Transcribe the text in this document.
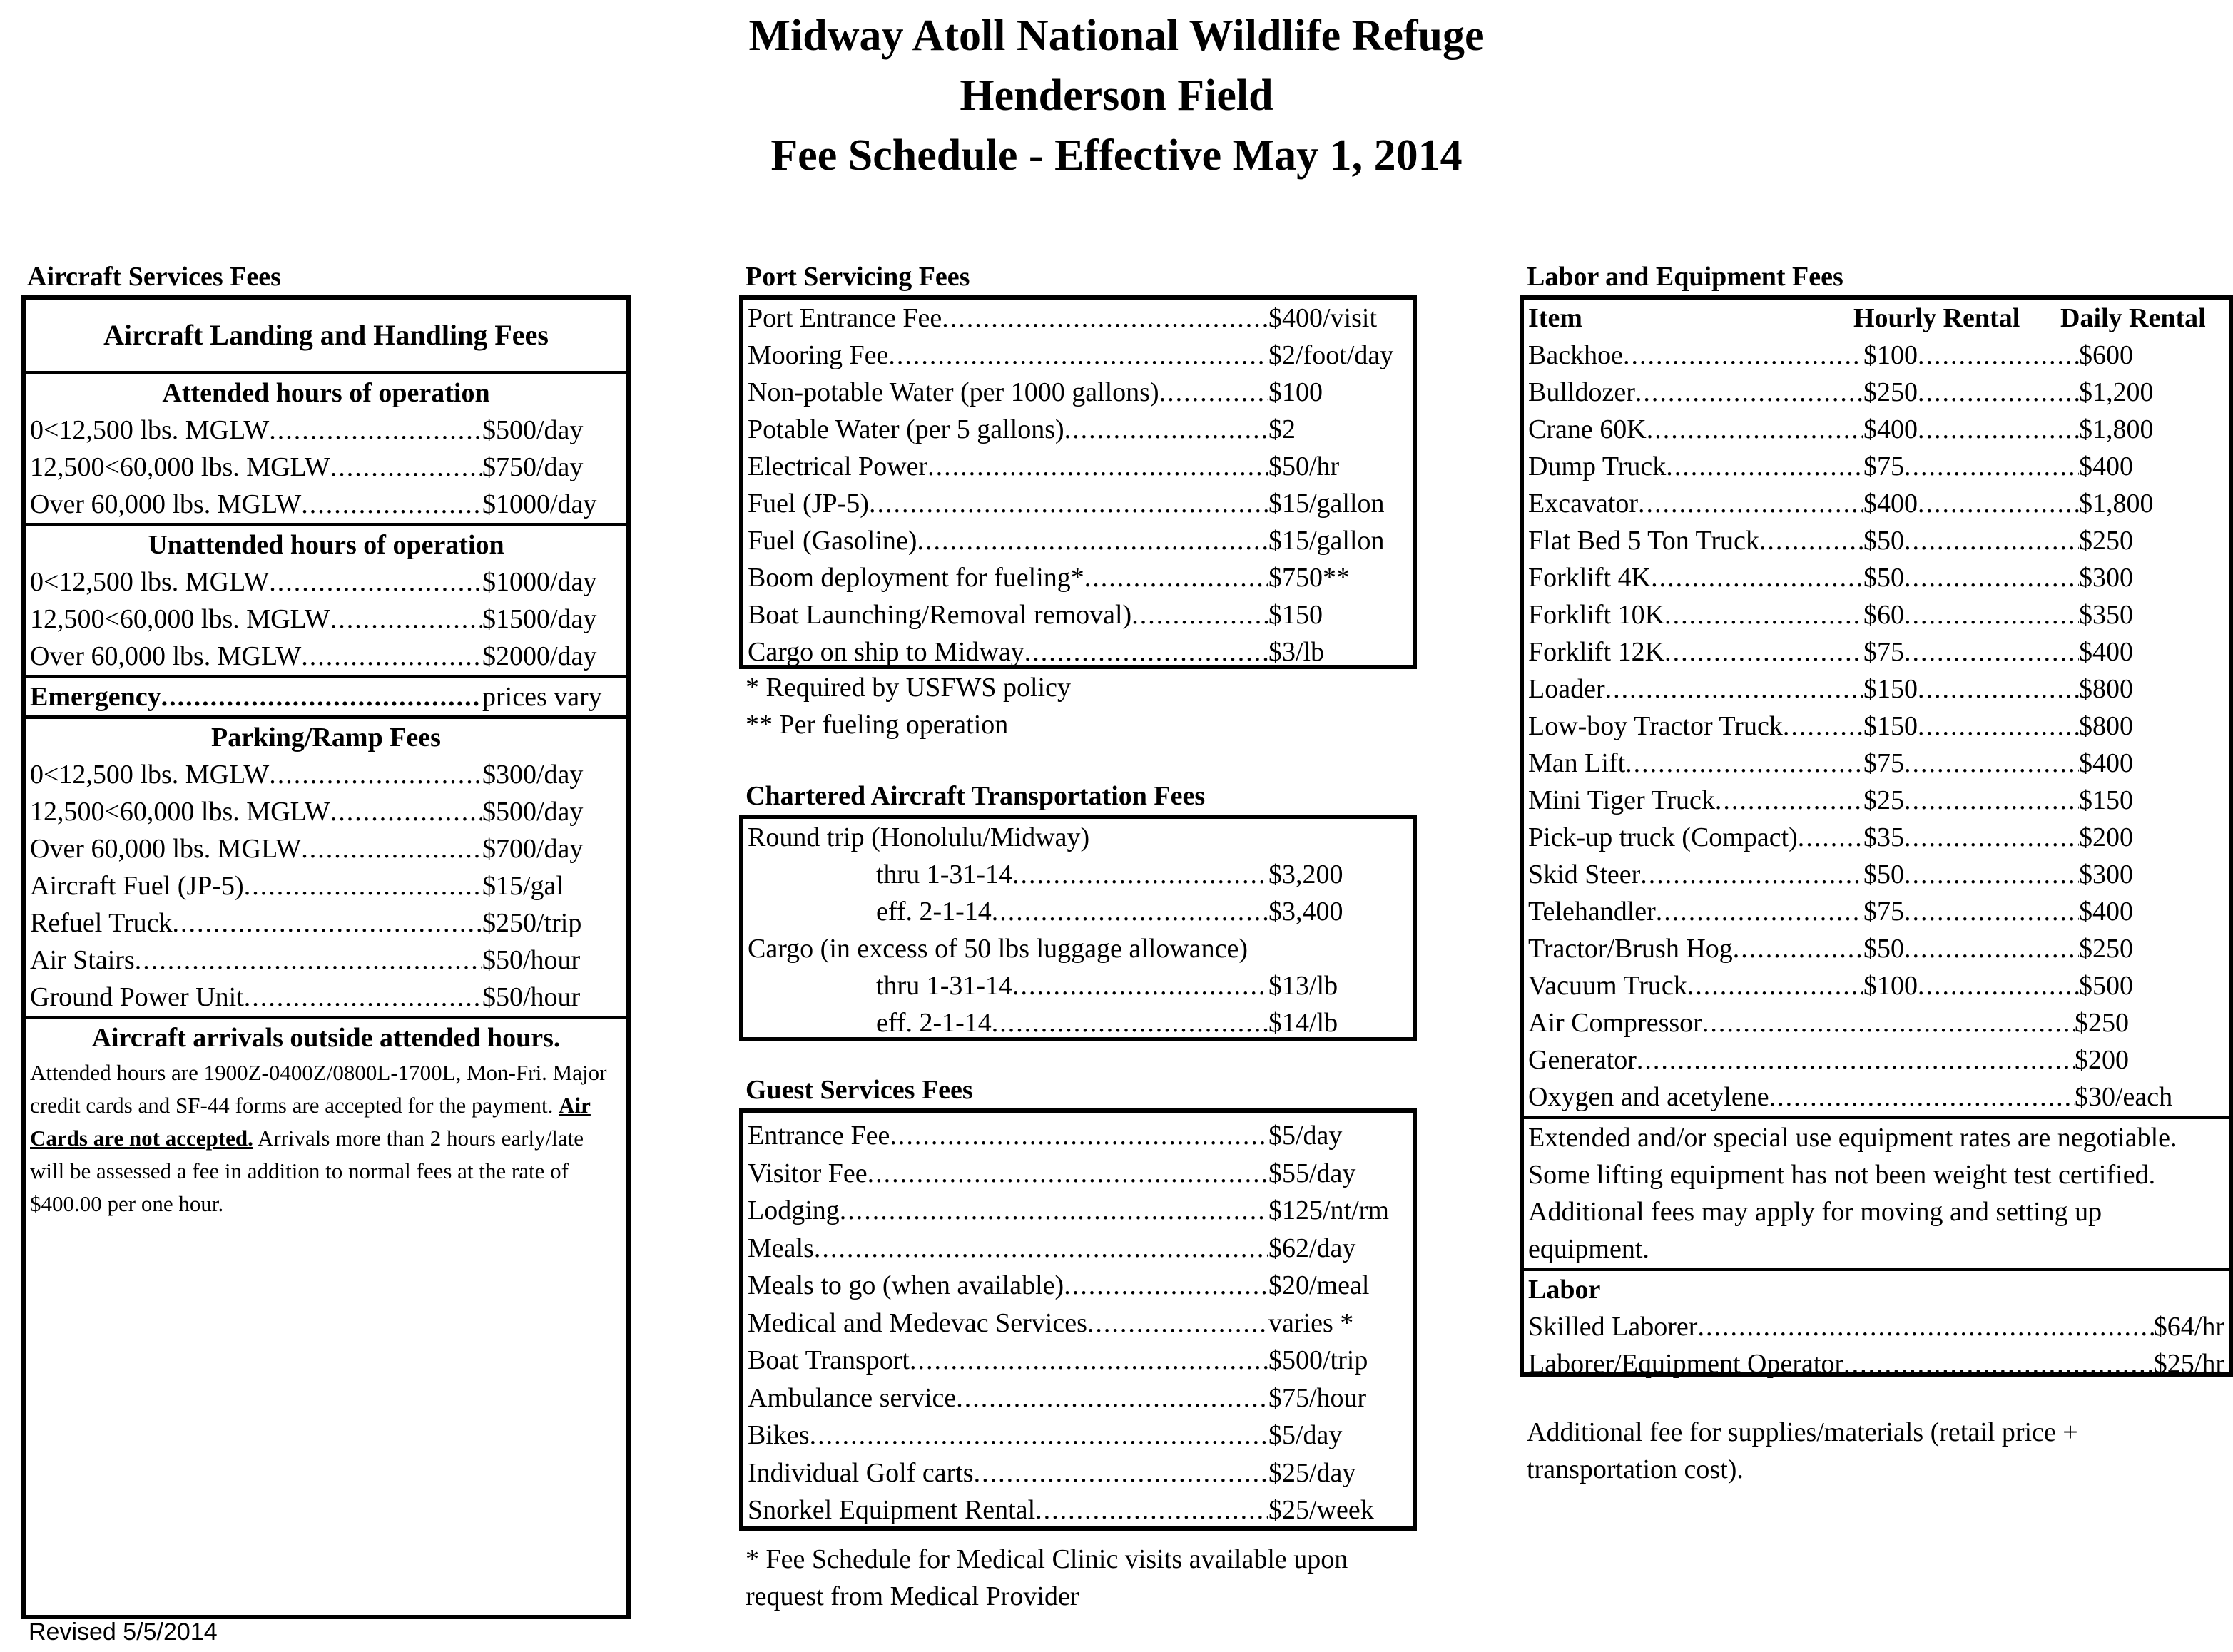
Midway Atoll National Wildlife Refuge
Henderson Field
Fee Schedule - Effective May 1, 2014
Aircraft Services Fees
Aircraft Landing and Handling Fees
Attended hours of operation
0<12,500 lbs. MGLW .....	$500/day
12,500<60,000 lbs. MGLW .....	$750/day
Over 60,000 lbs. MGLW .....	$1000/day
Unattended hours of operation
0<12,500 lbs. MGLW .....	$1000/day
12,500<60,000 lbs. MGLW .....	$1500/day
Over 60,000 lbs. MGLW .....	$2000/day
Emergency .....	prices vary
Parking/Ramp Fees
0<12,500 lbs. MGLW .....	$300/day
12,500<60,000 lbs. MGLW .....	$500/day
Over 60,000 lbs. MGLW .....	$700/day
Aircraft Fuel (JP-5) .....	$15/gal
Refuel Truck .....	$250/trip
Air Stairs .....	$50/hour
Ground Power Unit .....	$50/hour
Aircraft arrivals outside attended hours.
Attended hours are 1900Z-0400Z/0800L-1700L, Mon-Fri. Major credit cards and SF-44 forms are accepted for the payment. Air Cards are not accepted. Arrivals more than 2 hours early/late will be assessed a fee in addition to normal fees at the rate of $400.00 per one hour.
Port Servicing Fees
Port Entrance Fee .....	$400/visit
Mooring Fee .....	$2/foot/day
Non-potable Water (per 1000 gallons) .....	$100
Potable Water (per 5 gallons) .....	$2
Electrical Power .....	$50/hr
Fuel (JP-5) .....	$15/gallon
Fuel (Gasoline) .....	$15/gallon
Boom deployment for fueling* .....	$750**
Boat Launching/Removal removal) .....	$150
Cargo on ship to Midway .....	$3/lb
* Required by USFWS policy
** Per fueling operation
Chartered Aircraft Transportation Fees
Round trip (Honolulu/Midway)
thru 1-31-14 .....	$3,200
eff. 2-1-14 .....	$3,400
Cargo (in excess of 50 lbs luggage allowance)
thru 1-31-14 .....	$13/lb
eff. 2-1-14 .....	$14/lb
Guest Services Fees
Entrance Fee .....	$5/day
Visitor Fee .....	$55/day
Lodging .....	$125/nt/rm
Meals .....	$62/day
Meals to go (when available) .....	$20/meal
Medical and Medevac Services .....	varies *
Boat Transport .....	$500/trip
Ambulance service .....	$75/hour
Bikes .....	$5/day
Individual Golf carts .....	$25/day
Snorkel Equipment Rental .....	$25/week
* Fee Schedule for Medical Clinic visits available upon request from Medical Provider
Labor and Equipment Fees
Item	Hourly Rental	Daily Rental
Backhoe .....	$100 .....	$600
Bulldozer .....	$250 .....	$1,200
Crane 60K .....	$400 .....	$1,800
Dump Truck .....	$75 .....	$400
Excavator .....	$400 .....	$1,800
Flat Bed 5 Ton Truck .....	$50 .....	$250
Forklift 4K .....	$50 .....	$300
Forklift 10K .....	$60 .....	$350
Forklift 12K .....	$75 .....	$400
Loader .....	$150 .....	$800
Low-boy Tractor Truck .....	$150 .....	$800
Man Lift .....	$75 .....	$400
Mini Tiger Truck .....	$25 .....	$150
Pick-up truck (Compact) ..... $35 .....	$200
Skid Steer .....	$50 .....	$300
Telehandler .....	$75 .....	$400
Tractor/Brush Hog .....	$50 .....	$250
Vacuum Truck .....	$100 .....	$500
Air Compressor .....	$250
Generator .....	$200
Oxygen and acetylene .....	$30/each
Extended and/or special use equipment rates are negotiable. Some lifting equipment has not been weight test certified. Additional fees may apply for moving and setting up equipment.
Labor
Skilled Laborer .....	$64/hr
Laborer/Equipment Operator .....	$25/hr
Additional fee for supplies/materials (retail price + transportation cost).
Revised 5/5/2014
